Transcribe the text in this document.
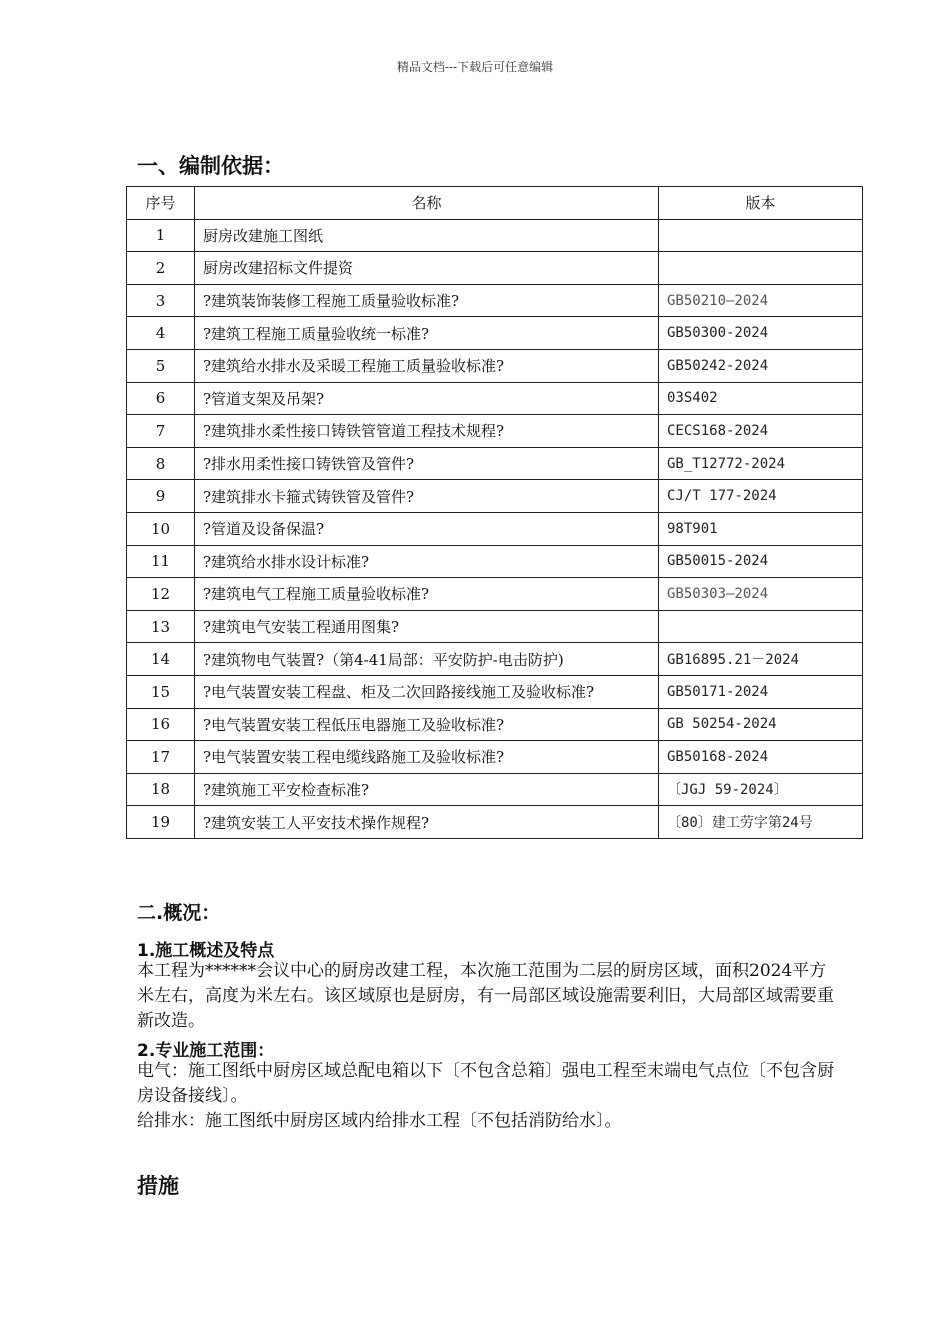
精品文档---下载后可任意编辑
一、编制依据：
序号	名称	版本
1	厨房改建施工图纸	
2	厨房改建招标文件提资	
3	?建筑装饰装修工程施工质量验收标准?	GB50210—2024
4	?建筑工程施工质量验收统一标准?	GB50300-2024
5	?建筑给水排水及采暖工程施工质量验收标准?	GB50242-2024
6	?管道支架及吊架?	03S402
7	?建筑排水柔性接口铸铁管管道工程技术规程?	CECS168-2024
8	?排水用柔性接口铸铁管及管件?	GB_T12772-2024
9	?建筑排水卡箍式铸铁管及管件?	CJ/T 177-2024
10	?管道及设备保温?	98T901
11	?建筑给水排水设计标准?	GB50015-2024
12	?建筑电气工程施工质量验收标准?	GB50303—2024
13	?建筑电气安装工程通用图集?	
14	?建筑物电气装置?（第4-41局部：平安防护-电击防护)	GB16895.21－2024
15	?电气装置安装工程盘、柜及二次回路接线施工及验收标准?	GB50171-2024
16	?电气装置安装工程低压电器施工及验收标准?	GB 50254-2024
17	?电气装置安装工程电缆线路施工及验收标准?	GB50168-2024
18	?建筑施工平安检查标准?	〔JGJ 59-2024〕
19	?建筑安装工人平安技术操作规程?	〔80〕建工劳字第24号
二.概况：
1.施工概述及特点
本工程为******会议中心的厨房改建工程，本次施工范围为二层的厨房区域，面积2024平方米左右，高度为米左右。该区域原也是厨房，有一局部区域设施需要利旧，大局部区域需要重新改造。
2.专业施工范围：
电气：施工图纸中厨房区域总配电箱以下〔不包含总箱〕强电工程至末端电气点位〔不包含厨房设备接线〕。
给排水：施工图纸中厨房区域内给排水工程〔不包括消防给水〕。
措施
